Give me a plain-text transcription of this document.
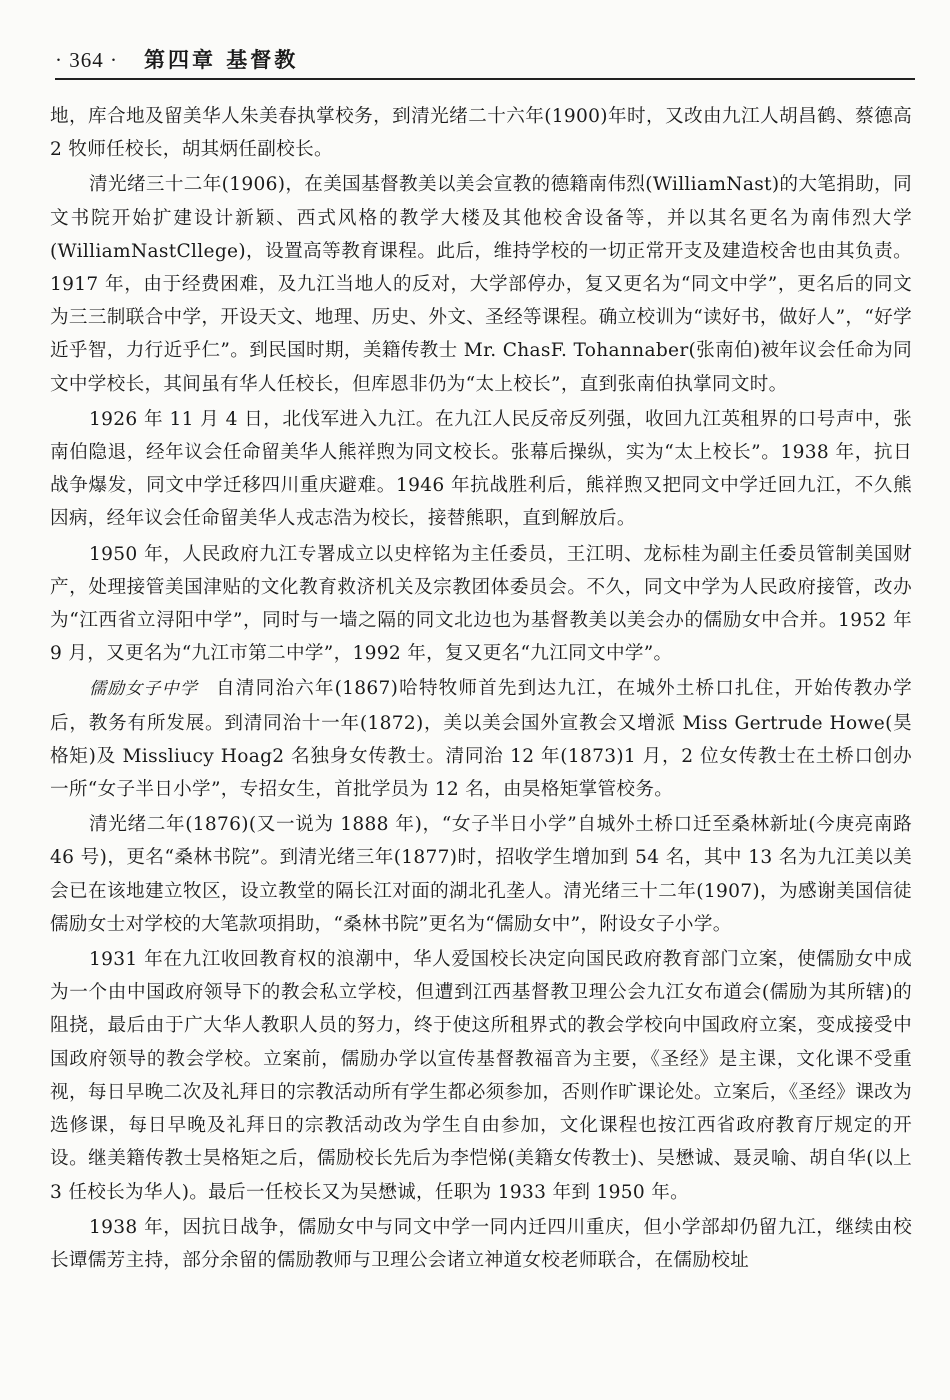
· 364 · 第四章 基督教

地，库合地及留美华人朱美春执掌校务，到清光绪二十六年(1900)年时，又改由九江人胡昌鹤、蔡德高 2 牧师任校长，胡其炳任副校长。

清光绪三十二年(1906)，在美国基督教美以美会宣教的德籍南伟烈(WilliamNast)的大笔捐助，同文书院开始扩建设计新颖、西式风格的教学大楼及其他校舍设备等，并以其名更名为南伟烈大学(WilliamNastCllege)，设置高等教育课程。此后，维持学校的一切正常开支及建造校舍也由其负责。1917 年，由于经费困难，及九江当地人的反对，大学部停办，复又更名为“同文中学”，更名后的同文为三三制联合中学，开设天文、地理、历史、外文、圣经等课程。确立校训为“读好书，做好人”，“好学近乎智，力行近乎仁”。到民国时期，美籍传教士 Mr. ChasF. Tohannaber(张南伯)被年议会任命为同文中学校长，其间虽有华人任校长，但库恩非仍为“太上校长”，直到张南伯执掌同文时。

1926 年 11 月 4 日，北伐军进入九江。在九江人民反帝反列强，收回九江英租界的口号声中，张南伯隐退，经年议会任命留美华人熊祥煦为同文校长。张幕后操纵，实为“太上校长”。1938 年，抗日战争爆发，同文中学迁移四川重庆避难。1946 年抗战胜利后，熊祥煦又把同文中学迁回九江，不久熊因病，经年议会任命留美华人戎志浩为校长，接替熊职，直到解放后。

1950 年，人民政府九江专署成立以史梓铭为主任委员，王江明、龙标桂为副主任委员管制美国财产，处理接管美国津贴的文化教育救济机关及宗教团体委员会。不久，同文中学为人民政府接管，改办为“江西省立浔阳中学”，同时与一墙之隔的同文北边也为基督教美以美会办的儒励女中合并。1952 年 9 月，又更名为“九江市第二中学”，1992 年，复又更名“九江同文中学”。

儒励女子中学 自清同治六年(1867)哈特牧师首先到达九江，在城外土桥口扎住，开始传教办学后，教务有所发展。到清同治十一年(1872)，美以美会国外宣教会又增派 Miss Gertrude Howe(昊格矩)及 Missliucy Hoag2 名独身女传教士。清同治 12 年(1873)1 月，2 位女传教士在土桥口创办一所“女子半日小学”，专招女生，首批学员为 12 名，由昊格矩掌管校务。

清光绪二年(1876)(又一说为 1888 年)，“女子半日小学”自城外土桥口迁至桑林新址(今庚亮南路 46 号)，更名“桑林书院”。到清光绪三年(1877)时，招收学生增加到 54 名，其中 13 名为九江美以美会已在该地建立牧区，设立教堂的隔长江对面的湖北孔垄人。清光绪三十二年(1907)，为感谢美国信徒儒励女士对学校的大笔款项捐助，“桑林书院”更名为“儒励女中”，附设女子小学。

1931 年在九江收回教育权的浪潮中，华人爱国校长决定向国民政府教育部门立案，使儒励女中成为一个由中国政府领导下的教会私立学校，但遭到江西基督教卫理公会九江女布道会(儒励为其所辖)的阻挠，最后由于广大华人教职人员的努力，终于使这所租界式的教会学校向中国政府立案，变成接受中国政府领导的教会学校。立案前，儒励办学以宣传基督教福音为主要，《圣经》是主课，文化课不受重视，每日早晚二次及礼拜日的宗教活动所有学生都必须参加，否则作旷课论处。立案后，《圣经》课改为选修课，每日早晚及礼拜日的宗教活动改为学生自由参加，文化课程也按江西省政府教育厅规定的开设。继美籍传教士昊格矩之后，儒励校长先后为李恺悌(美籍女传教士)、吴懋诚、聂灵喻、胡自华(以上 3 任校长为华人)。最后一任校长又为吴懋诚，任职为 1933 年到 1950 年。

1938 年，因抗日战争，儒励女中与同文中学一同内迁四川重庆，但小学部却仍留九江，继续由校长谭儒芳主持，部分余留的儒励教师与卫理公会诸立神道女校老师联合，在儒励校址
